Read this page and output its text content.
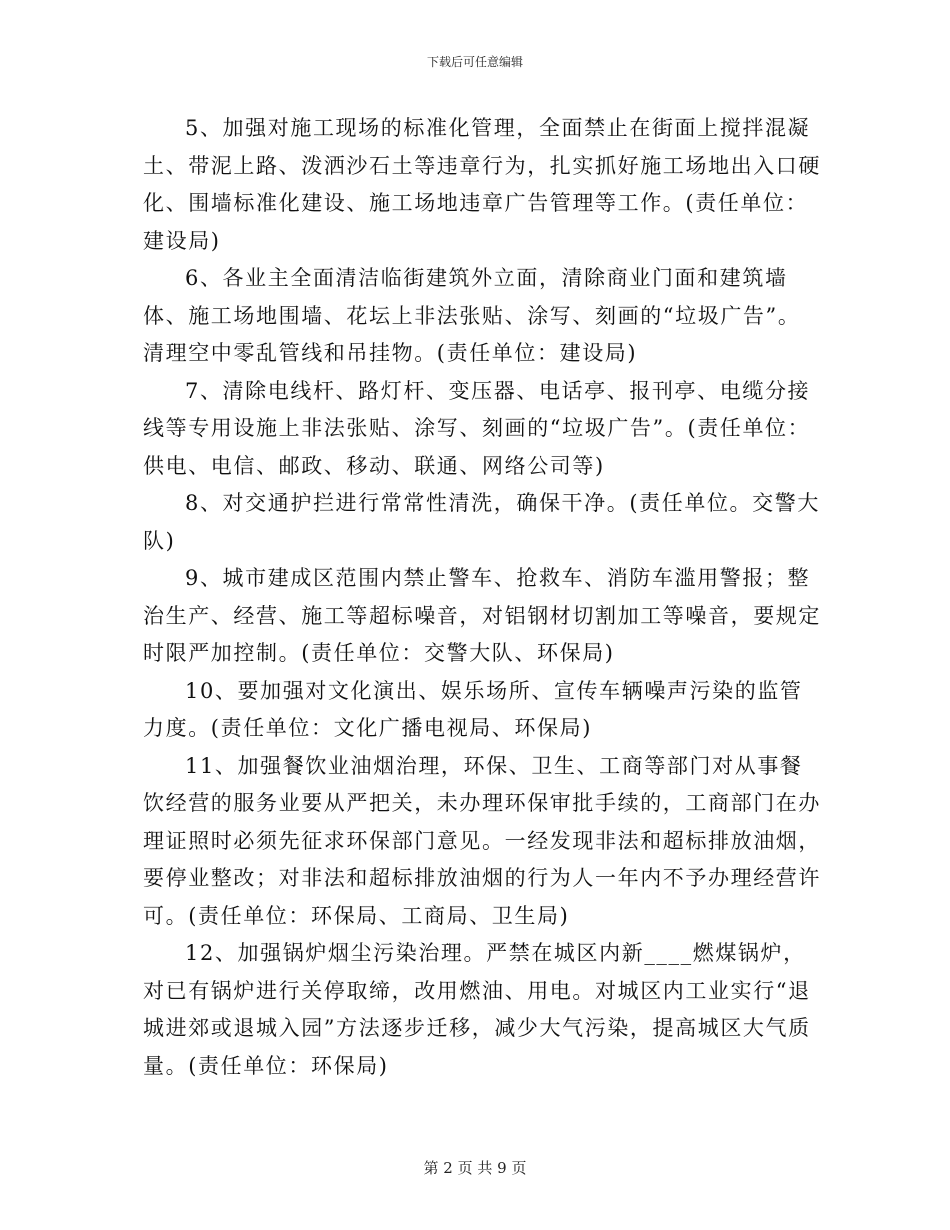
下载后可任意编辑

5、加强对施工现场的标准化管理，全面禁止在街面上搅拌混凝土、带泥上路、泼洒沙石土等违章行为，扎实抓好施工场地出入口硬化、围墙标准化建设、施工场地违章广告管理等工作。(责任单位：建设局)

6、各业主全面清洁临街建筑外立面，清除商业门面和建筑墙体、施工场地围墙、花坛上非法张贴、涂写、刻画的“垃圾广告”。清理空中零乱管线和吊挂物。(责任单位：建设局)

7、清除电线杆、路灯杆、变压器、电话亭、报刊亭、电缆分接线等专用设施上非法张贴、涂写、刻画的“垃圾广告”。(责任单位：供电、电信、邮政、移动、联通、网络公司等)

8、对交通护拦进行常常性清洗，确保干净。(责任单位。交警大队)

9、城市建成区范围内禁止警车、抢救车、消防车滥用警报；整治生产、经营、施工等超标噪音，对铝钢材切割加工等噪音，要规定时限严加控制。(责任单位：交警大队、环保局)

10、要加强对文化演出、娱乐场所、宣传车辆噪声污染的监管力度。(责任单位：文化广播电视局、环保局)

11、加强餐饮业油烟治理，环保、卫生、工商等部门对从事餐饮经营的服务业要从严把关，未办理环保审批手续的，工商部门在办理证照时必须先征求环保部门意见。一经发现非法和超标排放油烟，要停业整改；对非法和超标排放油烟的行为人一年内不予办理经营许可。(责任单位：环保局、工商局、卫生局)

12、加强锅炉烟尘污染治理。严禁在城区内新____燃煤锅炉，对已有锅炉进行关停取缔，改用燃油、用电。对城区内工业实行“退城进郊或退城入园”方法逐步迁移，减少大气污染，提高城区大气质量。(责任单位：环保局)

第 2 页 共 9 页
